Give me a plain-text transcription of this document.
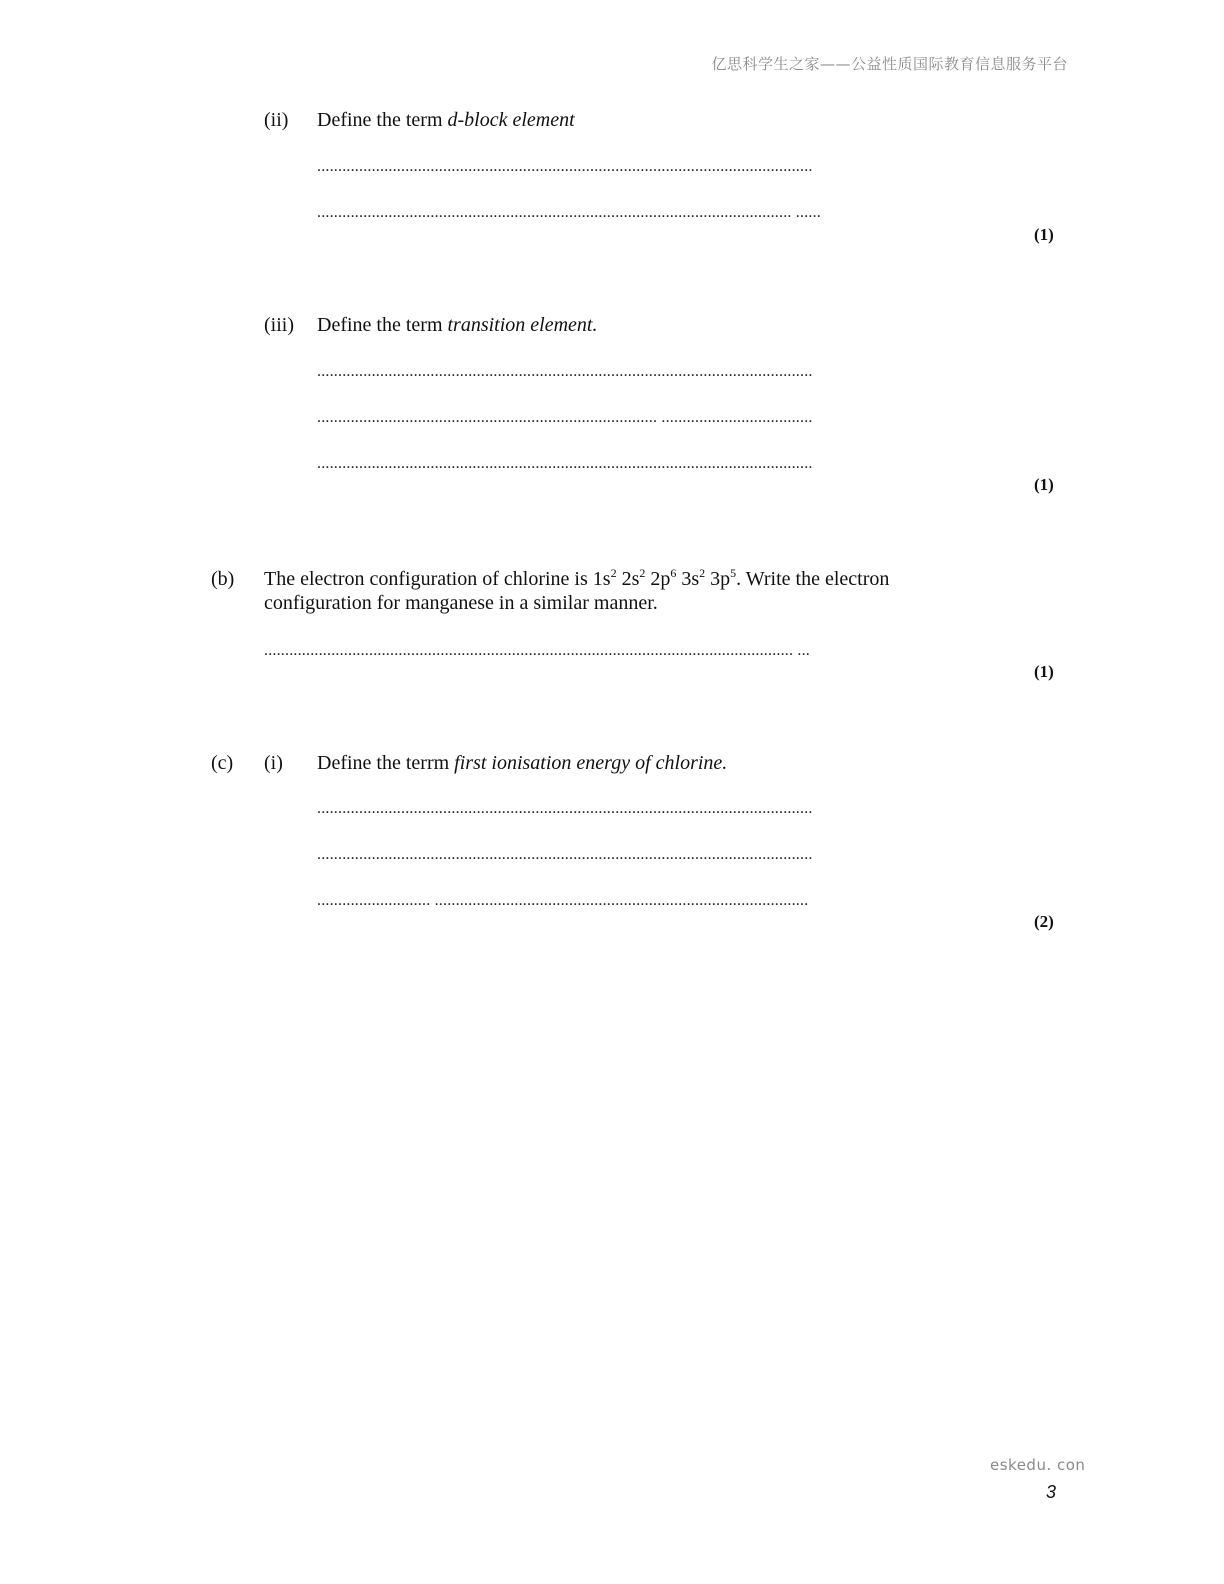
亿思科学生之家——公益性质国际教育信息服务平台
(ii) Define the term d-block element
......................................................................................................................
................................................................................................................. ......
(1)
(iii) Define the term transition element.
......................................................................................................................
................................................................................. ....................................
......................................................................................................................
(1)
(b) The electron configuration of chlorine is $1s^2$ $2s^2$ $2p^6$ $3s^2$ $3p^5$. Write the electron
configuration for manganese in a similar manner.
.............................................................................................................................. ...
(1)
(c) (i) Define the terrm first ionisation energy of chlorine.
......................................................................................................................
......................................................................................................................
........................... .........................................................................................
(2)
eskedu. con
3
